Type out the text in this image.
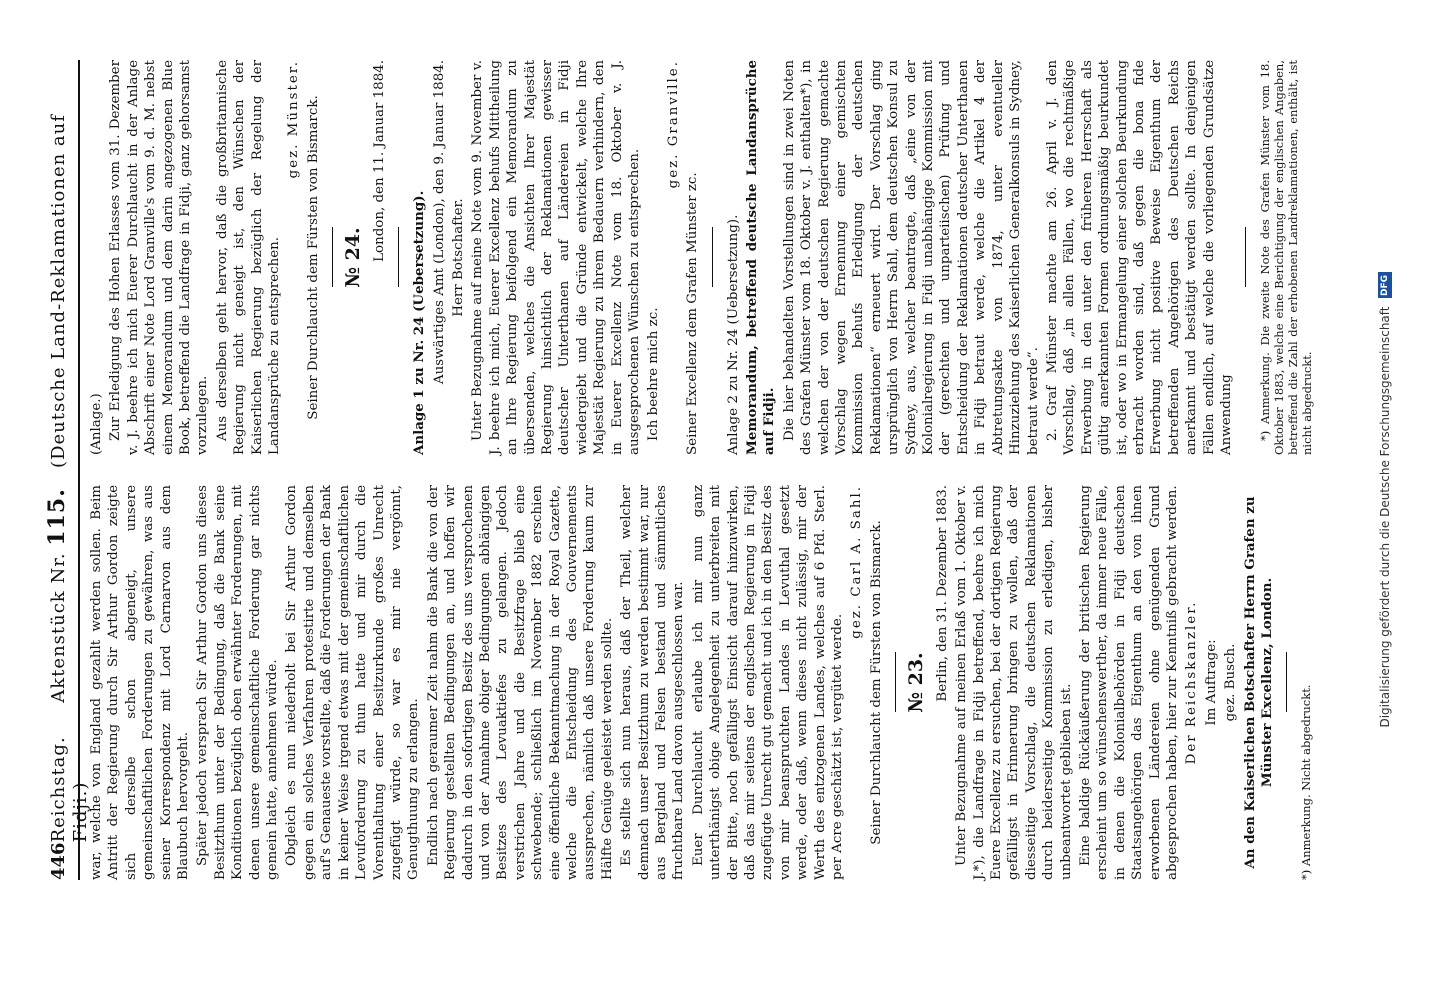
446
Reichstag.     Aktenstück Nr. 115.   (Deutsche Land-Reklamationen auf Fidji.)

war, welche von England gezahlt werden sollen. Beim Antritt der Regierung durch Sir Arthur Gordon zeigte sich derselbe schon abgeneigt, unsere gemeinschaftlichen Forderungen zu gewähren, was aus seiner Korrespondenz mit Lord Carnarvon aus dem Blaubuch hervorgeht. Später jedoch versprach Sir Arthur Gordon uns dieses Besitzthum unter der Bedingung, daß die Bank seine Konditionen bezüglich oben erwähnter Forderungen, mit denen unsere gemeinschaftliche Forderung gar nichts gemein hatte, annehmen würde. Obgleich es nun niederholt bei Sir Arthur Gordon gegen ein solches Verfahren protestirte und demselben auf's Genaueste vorstellte, daß die Forderungen der Bank in keiner Weise irgend etwas mit der gemeinschaftlichen Levuforderung zu thun hatte und mir durch die Vorenthaltung einer Besitzurkunde großes Unrecht zugefügt würde, so war es mir nie vergönnt, Genugthuung zu erlangen. Endlich nach geraumer Zeit nahm die Bank die von der Regierung gestellten Bedingungen an, und hoffen wir dadurch in den sofortigen Besitz des uns versprochenen und von der Annahme obiger Bedingungen abhängigen Besitzes des Levuaktiefes zu gelangen. Jedoch verstrichen Jahre und die Besitzfrage blieb eine schwebende; schließlich im November 1882 erschien eine öffentliche Bekanntmachung in der Royal Gazette, welche die Entscheidung des Gouvernements aussprechen, nämlich daß unsere Forderung kaum zur Hälfte Genüge geleistet werden sollte. Es stellte sich nun heraus, daß der Theil, welcher demnach unser Besitzthum zu werden bestimmt war, nur aus Bergland und Felsen bestand und sämmtliches fruchtbare Land davon ausgeschlossen war. Euer Durchlaucht erlaube ich mir nun ganz unterthänigst obige Angelegenheit zu unterbreiten mit der Bitte, noch gefälligst Einsicht darauf hinzuwirken, daß das mir seitens der englischen Regierung in Fidji zugefügte Unrecht gut gemacht und ich in den Besitz des von mir beanspruchten Landes in Levuthal gesetzt werde, oder daß, wenn dieses nicht zulässig, mir der Werth des entzogenen Landes, welches auf 6 Pfd. Sterl. per Acre geschätzt ist, vergütet werde.

gez. Carl A. Sahl. Seiner Durchlaucht dem Fürsten von Bismarck. № 23. Berlin, den 31. Dezember 1883. Unter Bezugnahme auf meinen Erlaß vom 1. Oktober v. J.*), die Landfrage in Fidji betreffend, beehre ich mich Euere Excellenz zu ersuchen, bei der dortigen Regierung gefälligst in Erinnerung bringen zu wollen, daß der diesseitige Vorschlag, die deutschen Reklamationen durch beiderseitige Kommission zu erledigen, bisher unbeantwortet geblieben ist. Eine baldige Rückäußerung der britischen Regierung erscheint um so wünschenswerther, da immer neue Fälle, in denen die Kolonialbehörden in Fidji deutschen Staatsangehörigen das Eigenthum an den von ihnen erworbenen Ländereien ohne genügenden Grund abgesprochen haben, hier zur Kenntniß gebracht werden. Der Reichskanzler. Im Auftrage: gez. Busch. An den Kaiserlichen Botschafter Herrn Grafen zu Münster Excellenz, London. *) Anmerkung. Nicht abgedruckt.

(Anlage.) Zur Erledigung des Hohen Erlasses vom 31. Dezember v. J. beehre ich mich Euerer Durchlaucht in der Anlage Abschrift einer Note Lord Granville's vom 9. d. M. nebst einem Memorandum und dem darin angezogenen Blue Book, betreffend die Landfrage in Fidji, ganz gehorsamst vorzulegen. Aus derselben geht hervor, daß die großbritannische Regierung nicht geneigt ist, den Wünschen der Kaiserlichen Regierung bezüglich der Regelung der Landansprüche zu entsprechen.

gez. Münster. Seiner Durchlaucht dem Fürsten von Bismarck. № 24. London, den 11. Januar 1884.

Anlage 1 zu Nr. 24 (Uebersetzung). Auswärtiges Amt (London), den 9. Januar 1884. Herr Botschafter. Unter Bezugnahme auf meine Note vom 9. November v. J. beehre ich mich, Euerer Excellenz behufs Mittheilung an Ihre Regierung beifolgend ein Memorandum zu übersenden, welches die Ansichten Ihrer Majestät Regierung hinsichtlich der Reklamationen gewisser deutscher Unterthanen auf Ländereien in Fidji wiedergiebt und die Gründe entwickelt, welche Ihre Majestät Regierung zu ihrem Bedauern verhindern, den in Euerer Excellenz Note vom 18. Oktober v. J. ausgesprochenen Wünschen zu entsprechen. Ich beehre mich zc.

gez. Granville.

Seiner Excellenz dem Grafen Münster zc. Anlage 2 zu Nr. 24 (Uebersetzung). Memorandum, betreffend deutsche Landansprüche auf Fidji. Die hier behandelten Vorstellungen sind in zwei Noten des Grafen Münster vom 18. Oktober v. J. enthalten*), in welchen der von der deutschen Regierung gemachte Vorschlag wegen Ernennung einer gemischten Kommission behufs Erledigung der deutschen Reklamationen“ erneuert wird. Der Vorschlag ging ursprünglich von Herrn Sahl, dem deutschen Konsul zu Sydney, aus, welcher beantragte, daß „eine von der Kolonialregierung in Fidji unabhängige Kommission mit der (gerechten und unparteiischen) Prüfung und Entscheidung der Reklamationen deutscher Unterthanen in Fidji betraut werde, welche die Artikel 4 der Abtretungsakte von 1874, unter eventueller Hinzuziehung des Kaiserlichen Generalkonsuls in Sydney, betraut werde“. 2. Graf Münster machte am 26. April v. J. den Vorschlag, daß „in allen Fällen, wo die rechtmäßige Erwerbung in den unter den früheren Herrschaft als gültig anerkannten Formen ordnungsmäßig beurkundet ist, oder wo in Ermangelung einer solchen Beurkundung erbracht worden sind, daß gegen die bona fide Erwerbung nicht positive Beweise Eigenthum der betreffenden Angehörigen des Deutschen Reichs anerkannt und bestätigt werden sollte. In denjenigen Fällen endlich, auf welche die vorliegenden Grundsätze Anwendung *) Anmerkung. Die zweite Note des Grafen Münster vom 18. Oktober 1883, welche eine Berichtigung der englischen Angaben, betreffend die Zahl der erhobenen Landreklamationen, enthält, ist nicht abgedruckt.	Digitalisierung gefördert durch die Deutsche Forschungsgemeinschaft
DFG
